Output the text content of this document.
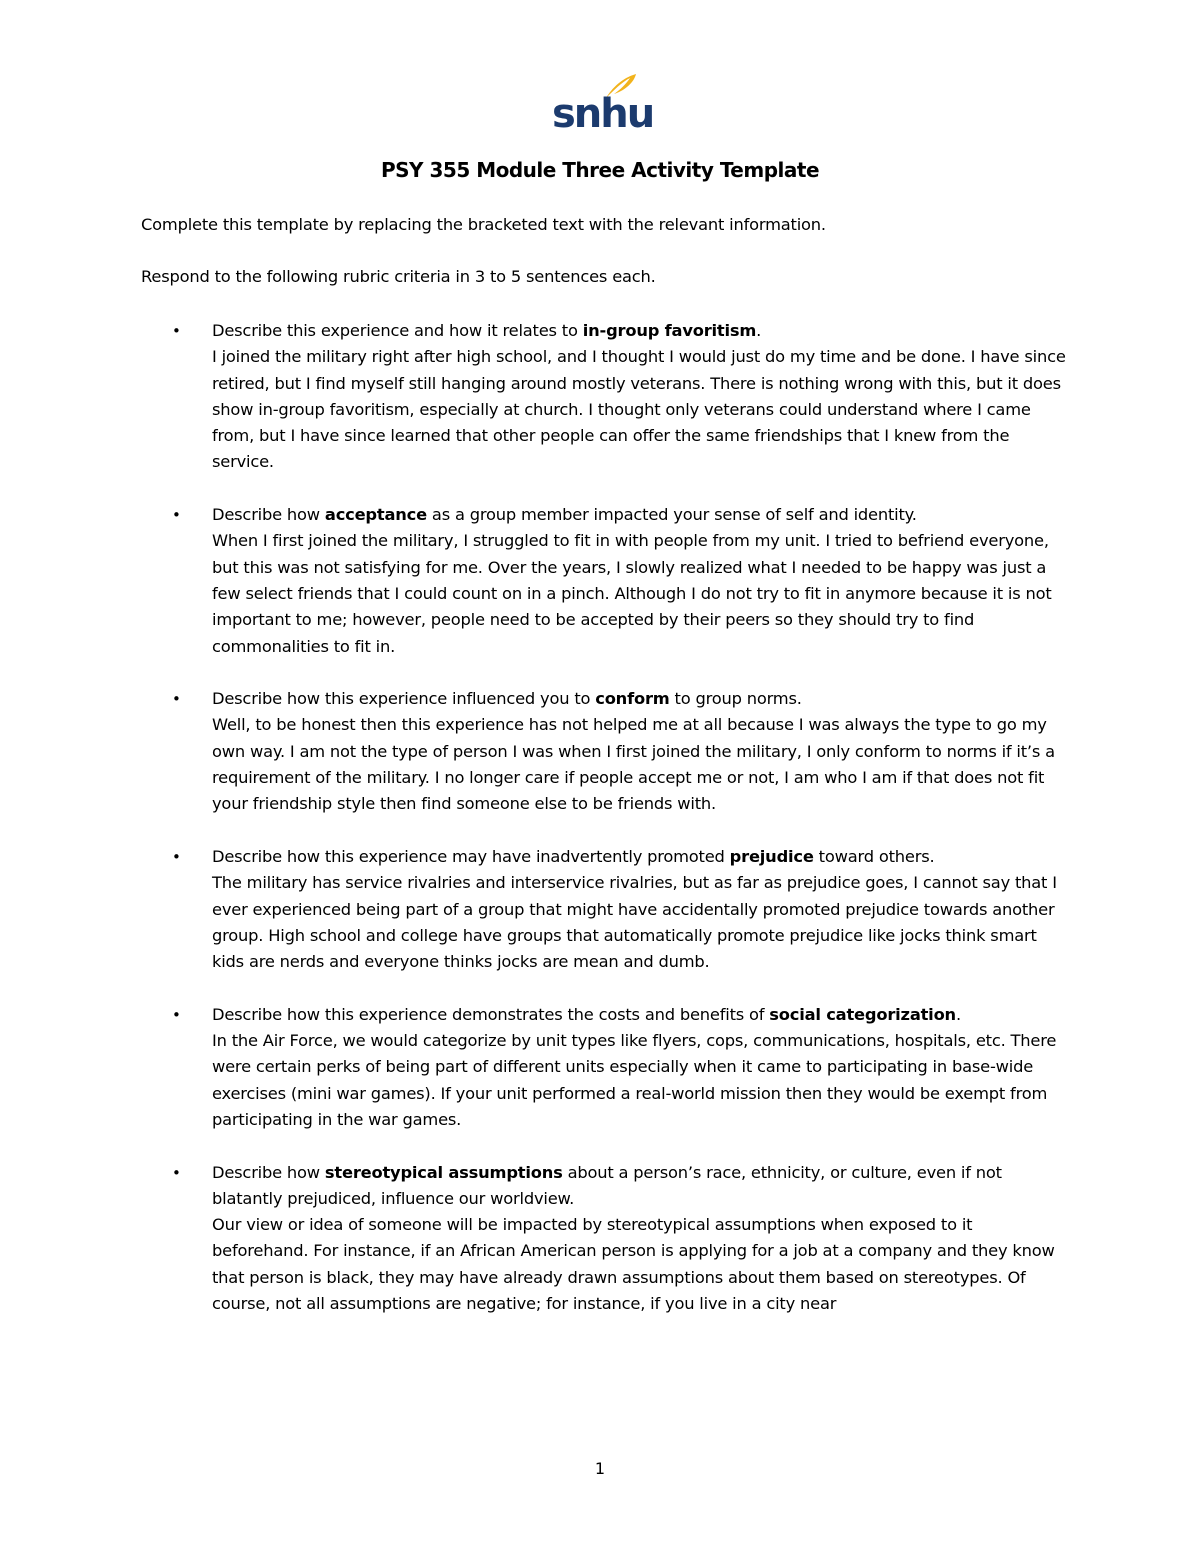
snhu
PSY 355 Module Three Activity Template
Complete this template by replacing the bracketed text with the relevant information.
Respond to the following rubric criteria in 3 to 5 sentences each.
• Describe this experience and how it relates to in-group favoritism.
I joined the military right after high school, and I thought I would just do my time and be done. I have since retired, but I find myself still hanging around mostly veterans. There is nothing wrong with this, but it does show in-group favoritism, especially at church. I thought only veterans could understand where I came from, but I have since learned that other people can offer the same friendships that I knew from the service.
• Describe how acceptance as a group member impacted your sense of self and identity.
When I first joined the military, I struggled to fit in with people from my unit. I tried to befriend everyone, but this was not satisfying for me. Over the years, I slowly realized what I needed to be happy was just a few select friends that I could count on in a pinch. Although I do not try to fit in anymore because it is not important to me; however, people need to be accepted by their peers so they should try to find commonalities to fit in.
• Describe how this experience influenced you to conform to group norms.
Well, to be honest then this experience has not helped me at all because I was always the type to go my own way. I am not the type of person I was when I first joined the military, I only conform to norms if it’s a requirement of the military. I no longer care if people accept me or not, I am who I am if that does not fit your friendship style then find someone else to be friends with.
• Describe how this experience may have inadvertently promoted prejudice toward others.
The military has service rivalries and interservice rivalries, but as far as prejudice goes, I cannot say that I ever experienced being part of a group that might have accidentally promoted prejudice towards another group. High school and college have groups that automatically promote prejudice like jocks think smart kids are nerds and everyone thinks jocks are mean and dumb.
• Describe how this experience demonstrates the costs and benefits of social categorization.
In the Air Force, we would categorize by unit types like flyers, cops, communications, hospitals, etc. There were certain perks of being part of different units especially when it came to participating in base-wide exercises (mini war games). If your unit performed a real-world mission then they would be exempt from participating in the war games.
• Describe how stereotypical assumptions about a person’s race, ethnicity, or culture, even if not blatantly prejudiced, influence our worldview.
Our view or idea of someone will be impacted by stereotypical assumptions when exposed to it beforehand. For instance, if an African American person is applying for a job at a company and they know that person is black, they may have already drawn assumptions about them based on stereotypes. Of course, not all assumptions are negative; for instance, if you live in a city near
1
